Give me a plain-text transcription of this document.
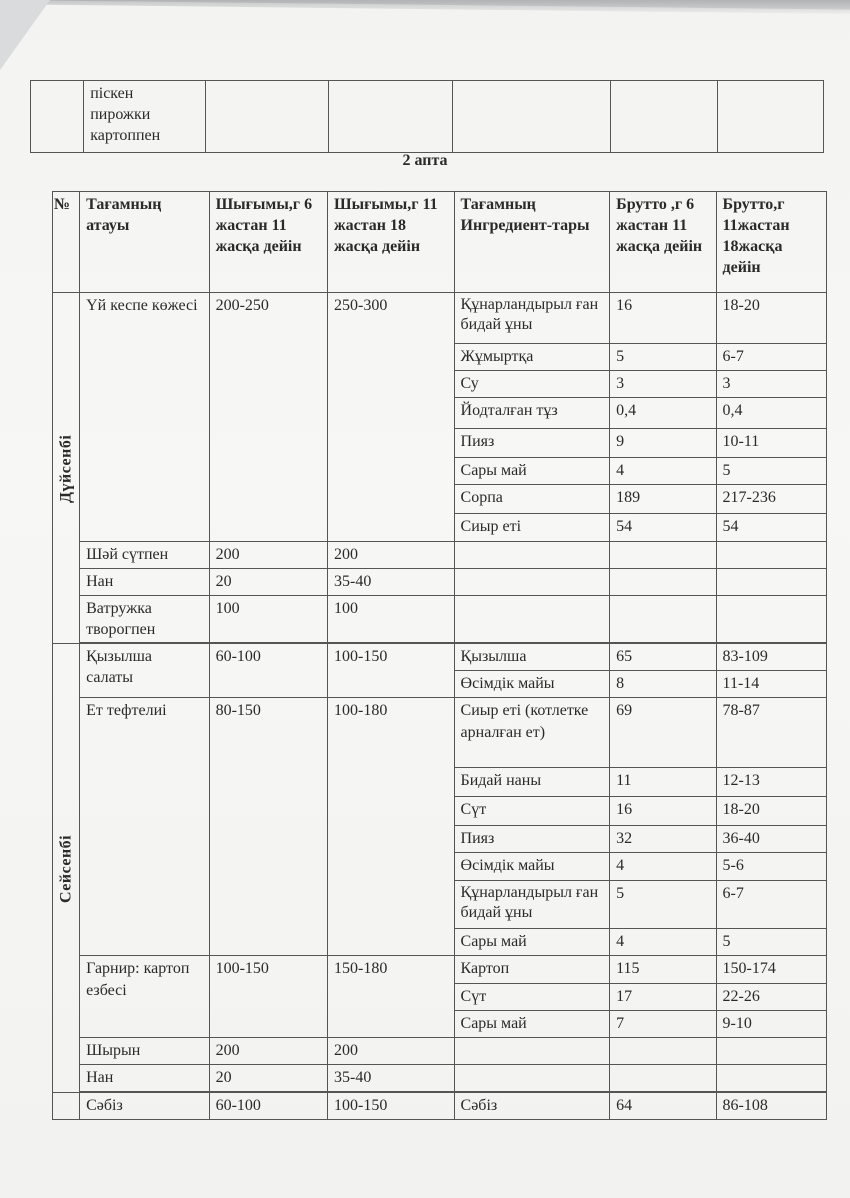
	піскен
пирожки
картоппен					
2 апта
№	Тағамның атауы	Шығымы,г 6 жастан 11 жасқа дейін	Шығымы,г 11 жастан 18 жасқа дейін	Тағамның Ингредиент-тары	Брутто ,г 6 жастан 11 жасқа дейін	Брутто,г 11жастан 18жасқа дейін
Дүйсенбі	Үй кеспе көжесі	200-250	250-300	Құнарландырыл ған бидай ұны	16	18-20
				Жұмыртқа	5	6-7
				Су	3	3
				Йодталған тұз	0,4	0,4
				Пияз	9	10-11
				Сары май	4	5
				Сорпа	189	217-236
				Сиыр еті	54	54
	Шәй сүтпен	200	200			
	Нан	20	35-40			
	Ватружка творогпен	100	100			

Сейсенбі	Қызылша салаты	60-100	100-150	Қызылша	65	83-109
				Өсімдік майы	8	11-14
	Ет тефтелиі	80-150	100-180	Сиыр еті (котлетке арналған ет)	69	78-87
				Бидай наны	11	12-13
				Сүт	16	18-20
				Пияз	32	36-40
				Өсімдік майы	4	5-6
				Құнарландырыл ған бидай ұны	5	6-7
				Сары май	4	5
	Гарнир: картоп езбесі	100-150	150-180	Картоп	115	150-174
				Сүт	17	22-26
				Сары май	7	9-10
	Шырын	200	200			
	Нан	20	35-40			

	Сәбіз	60-100	100-150	Сәбіз	64	86-108
